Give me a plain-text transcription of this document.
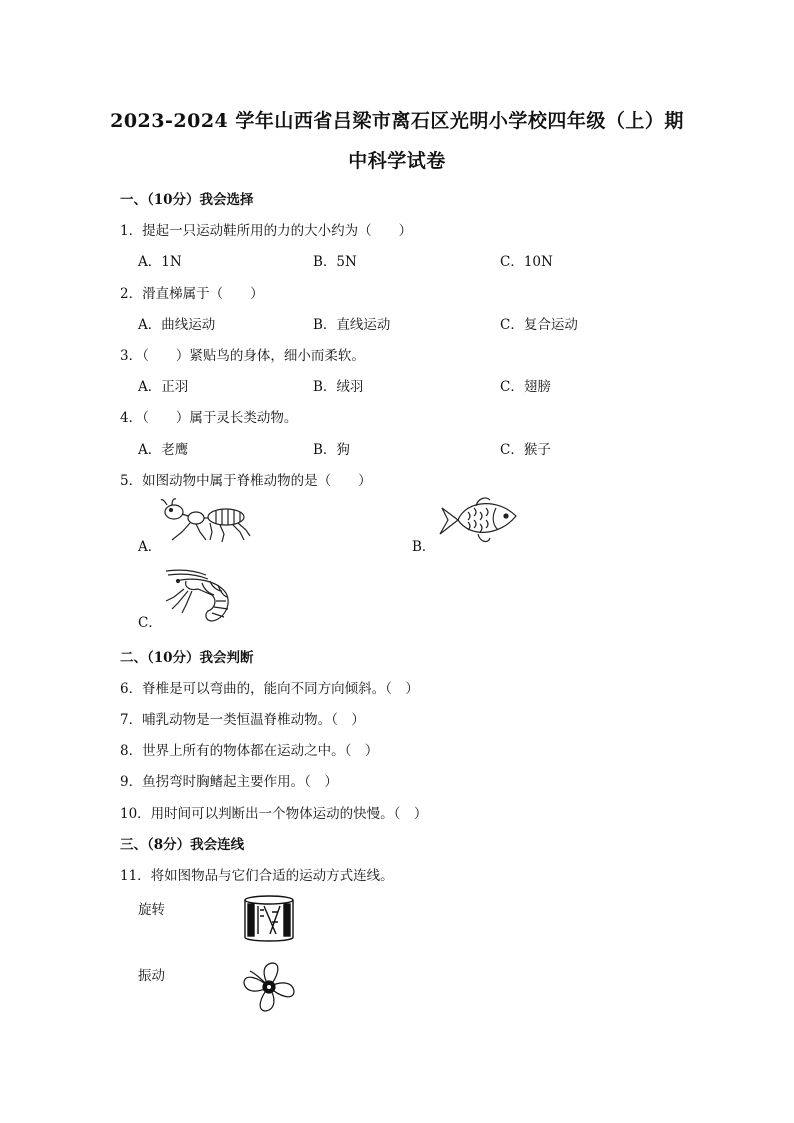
2023-2024 学年山西省吕梁市离石区光明小学校四年级（上）期
中科学试卷
一、（10分）我会选择
1．提起一只运动鞋所用的力的大小约为（　　）
A．1N	B．5N	C．10N
2．滑直梯属于（　　）
A．曲线运动	B．直线运动	C．复合运动
3．（　　）紧贴鸟的身体，细小而柔软。
A．正羽	B．绒羽	C．翅膀
4．（　　）属于灵长类动物。
A．老鹰	B．狗	C．猴子
5．如图动物中属于脊椎动物的是（　　）
A．	B．
C．
二、（10分）我会判断
6．脊椎是可以弯曲的，能向不同方向倾斜。（　）
7．哺乳动物是一类恒温脊椎动物。（　）
8．世界上所有的物体都在运动之中。（　）
9．鱼拐弯时胸鳍起主要作用。（　）
10．用时间可以判断出一个物体运动的快慢。（　）
三、（8分）我会连线
11．将如图物品与它们合适的运动方式连线。
旋转
振动
